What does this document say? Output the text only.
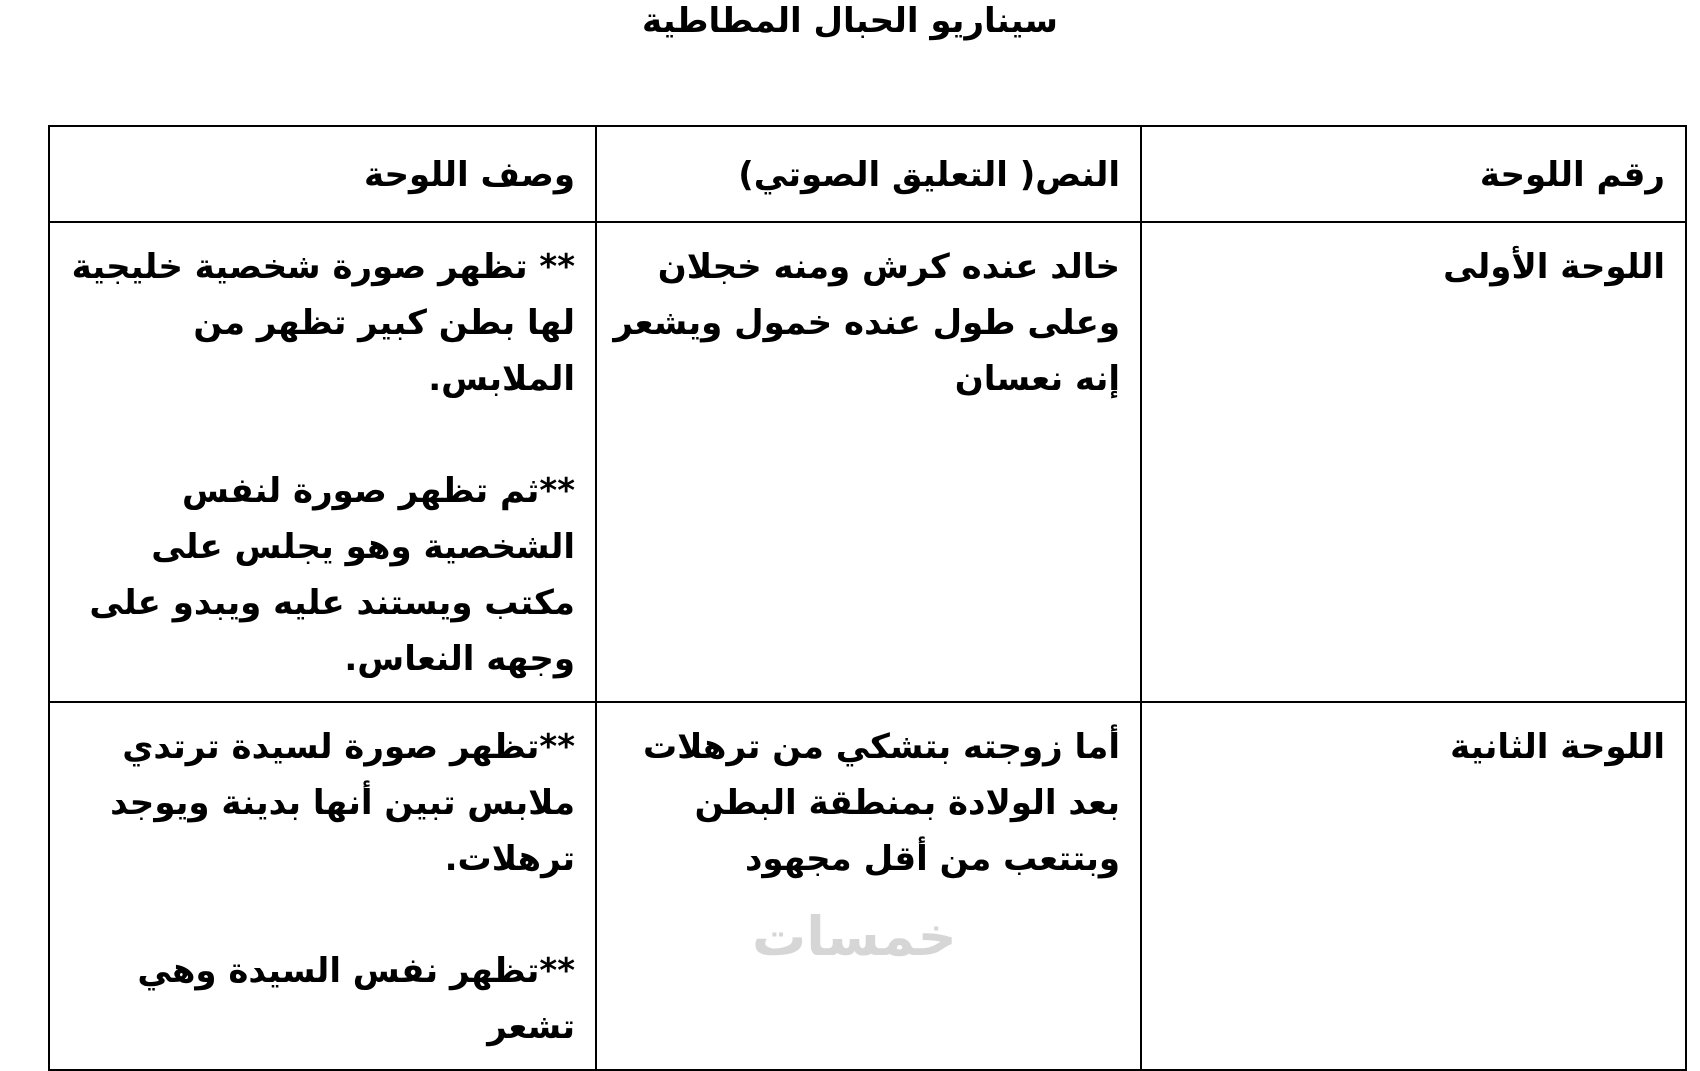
سيناريو الحبال المطاطية
رقم اللوحة	النص( التعليق الصوتي)	وصف اللوحة

اللوحة الأولى	خالد عنده كرش ومنه خجلان وعلى طول عنده خمول ويشعر إنه نعسان	** تظهر صورة شخصية خليجية لها بطن كبير تظهر من الملابس.
**ثم تظهر صورة لنفس الشخصية وهو يجلس على مكتب ويستند عليه ويبدو على وجهه النعاس.

اللوحة الثانية	أما زوجته بتشكي من ترهلات بعد الولادة بمنطقة البطن وبتتعب من أقل مجهود	**تظهر صورة لسيدة ترتدي ملابس تبين أنها بدينة ويوجد ترهلات.
**تظهر نفس السيدة وهي تشعر
خمسات
